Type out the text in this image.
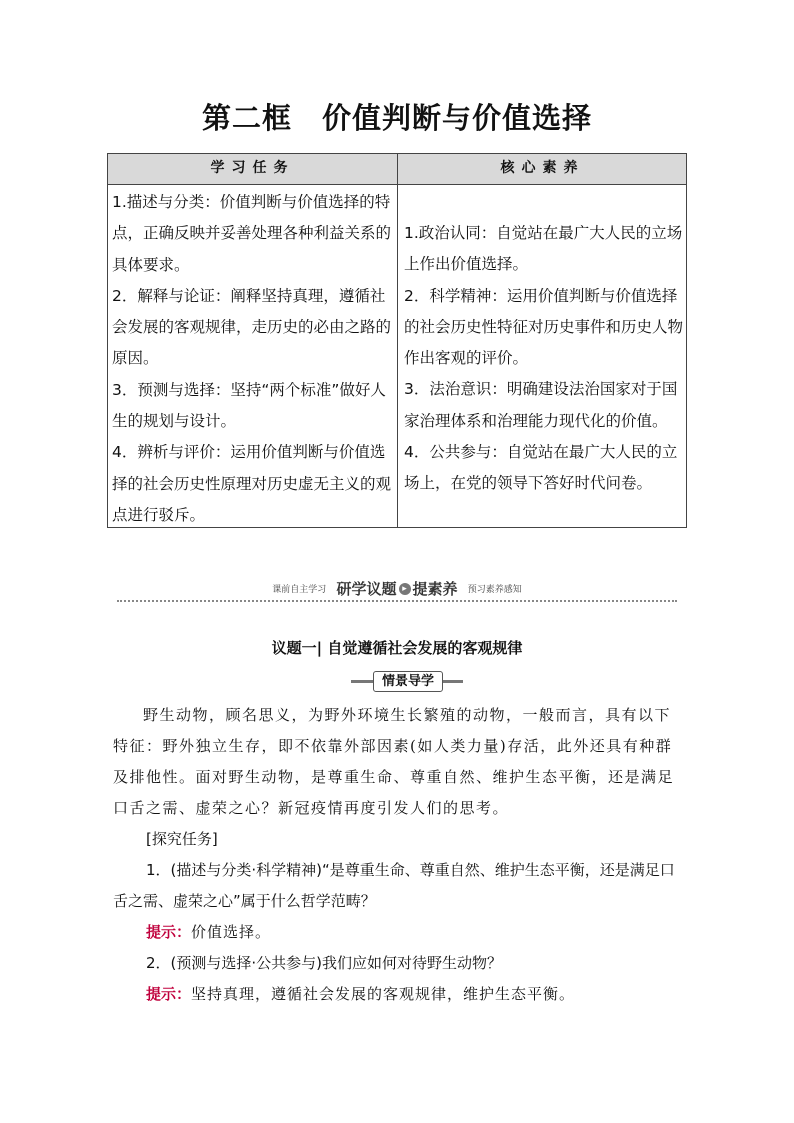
第二框 价值判断与价值选择
学习任务	核心素养

1.描述与分类：价值判断与价值选择的特点，正确反映并妥善处理各种利益关系的具体要求。

2．解释与论证：阐释坚持真理，遵循社会发展的客观规律，走历史的必由之路的原因。

3．预测与选择：坚持“两个标准”做好人生的规划与设计。

4．辨析与评价：运用价值判断与价值选择的社会历史性原理对历史虚无主义的观点进行驳斥。

1.政治认同：自觉站在最广大人民的立场上作出价值选择。

2．科学精神：运用价值判断与价值选择的社会历史性特征对历史事件和历史人物作出客观的评价。

3．法治意识：明确建设法治国家对于国家治理体系和治理能力现代化的价值。

4．公共参与：自觉站在最广大人民的立场上，在党的领导下答好时代问卷。

课前自主学习 研学议题 ▸ 提素养 预习素养感知
议题一| 自觉遵循社会发展的客观规律
情景导学

野生动物，顾名思义，为野外环境生长繁殖的动物，一般而言，具有以下特征：野外独立生存，即不依靠外部因素(如人类力量)存活，此外还具有种群及排他性。面对野生动物，是尊重生命、尊重自然、维护生态平衡，还是满足口舌之需、虚荣之心？新冠疫情再度引发人们的思考。

[探究任务]

1．(描述与分类·科学精神)“是尊重生命、尊重自然、维护生态平衡，还是满足口舌之需、虚荣之心”属于什么哲学范畴？

提示：价值选择。

2．(预测与选择·公共参与)我们应如何对待野生动物？

提示：坚持真理，遵循社会发展的客观规律，维护生态平衡。
